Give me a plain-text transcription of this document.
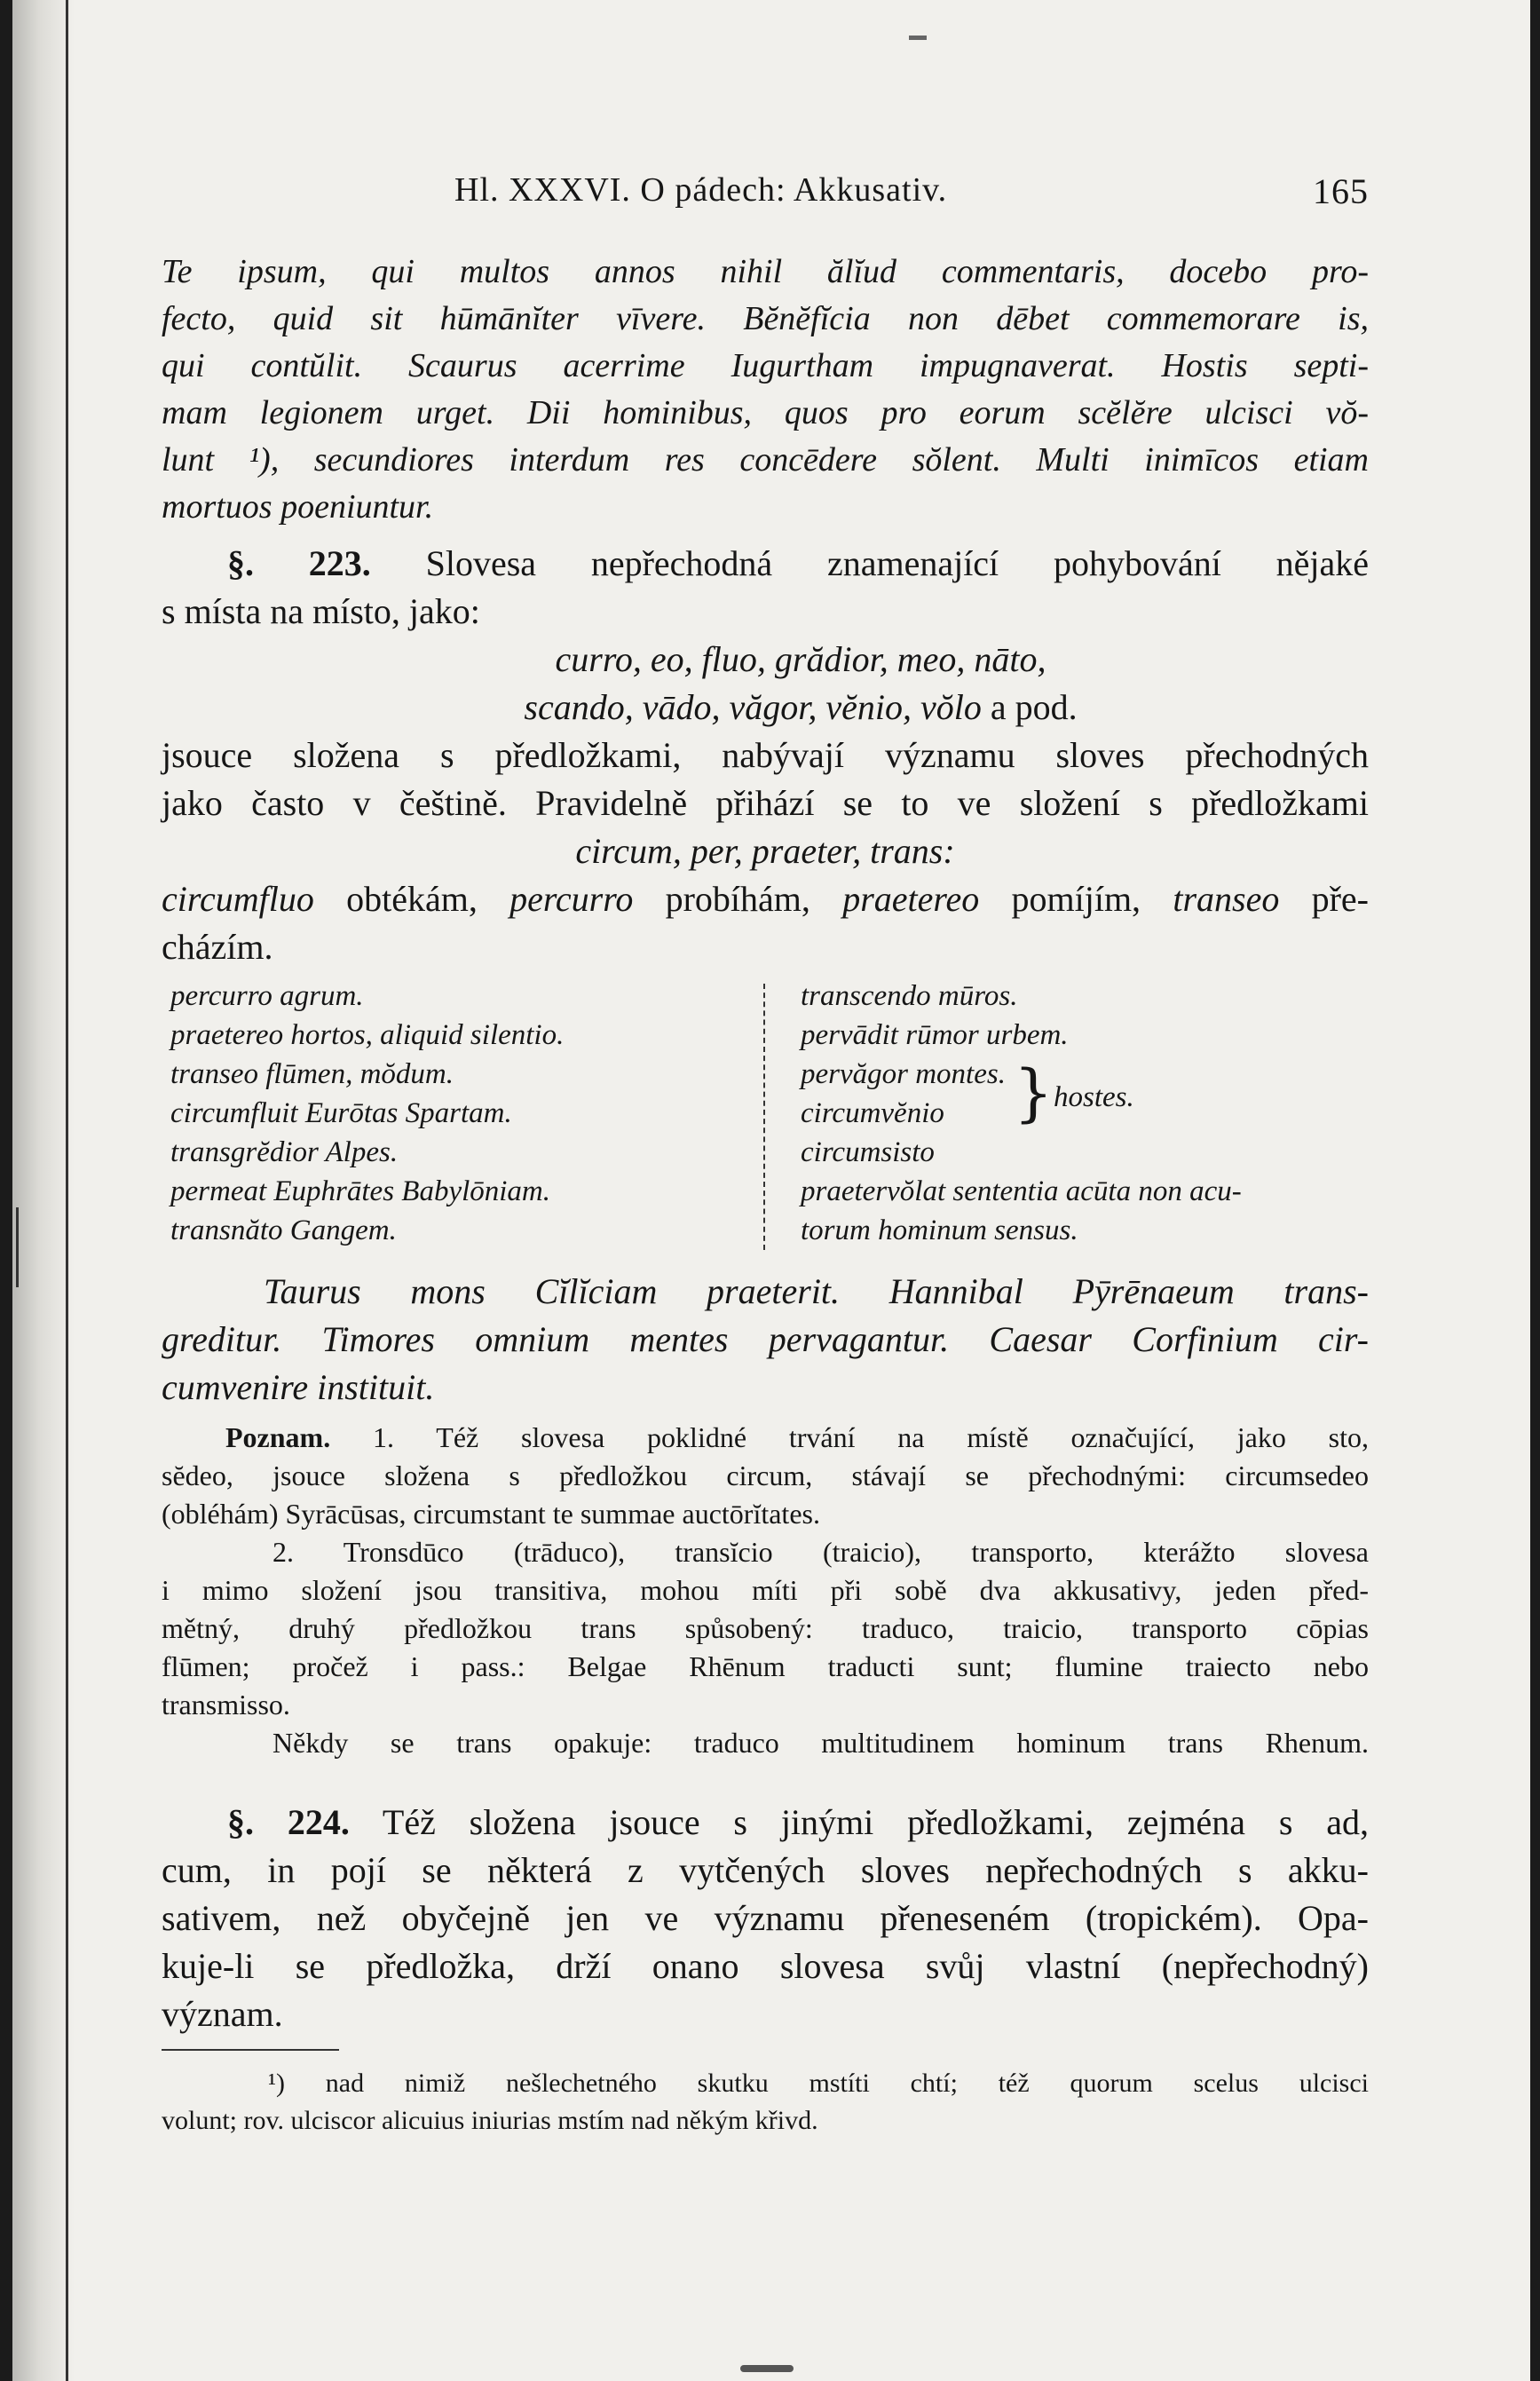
Hl. XXXVI. O pádech: Akkusativ.	165
Te ipsum, qui multos annos nihil ălĭud commentaris, docebo pro-
fecto, quid sit hūmānĭter vīvere. Bĕnĕfĭcia non dēbet commemorare is,
qui contŭlit. Scaurus acerrime Iugurtham impugnaverat. Hostis septi-
mam legionem urget. Dii hominibus, quos pro eorum scĕlĕre ulcisci vŏ-
lunt ¹), secundiores interdum res concēdere sŏlent. Multi inimīcos etiam
mortuos poeniuntur.
§. 223. Slovesa nepřechodná znamenající pohybování nějaké
s místa na místo, jako:
curro, eo, fluo, grădior, meo, nāto,
scando, vādo, văgor, vĕnio, vŏlo a pod.
jsouce složena s předložkami, nabývají významu sloves přechodných
jako často v češtině. Pravidelně přihází se to ve složení s předložkami
circum, per, praeter, trans:
circumfluo obtékám, percurro probíhám, praetereo pomíjím, transeo pře-
cházím.
percurro agrum.
praetereo hortos, aliquid silentio.
transeo flūmen, mŏdum.
circumfluit Eurōtas Spartam.
transgrĕdior Alpes.
permeat Euphrātes Babylōniam.
transnăto Gangem.
transcendo mūros.
pervādit rūmor urbem.
pervăgor montes.
circumvĕnio
circumsisto
praetervŏlat sententia acūta non acu-
torum hominum sensus.
} hostes.
Taurus mons Cĭlĭciam praeterit. Hannibal Pȳrēnaeum trans-
greditur. Timores omnium mentes pervagantur. Caesar Corfinium cir-
cumvenire instituit.
Poznam. 1. Též slovesa poklidné trvání na místě označující, jako sto,
sĕdeo, jsouce složena s předložkou circum, stávají se přechodnými: circumsedeo
(obléhám) Syrācūsas, circumstant te summae auctōrĭtates.
2. Tronsdūco (trāduco), transĭcio (traicio), transporto, kterážto slovesa
i mimo složení jsou transitiva, mohou míti při sobě dva akkusativy, jeden před-
mětný, druhý předložkou trans spůsobený: traduco, traicio, transporto cōpias
flūmen; pročež i pass.: Belgae Rhēnum traducti sunt; flumine traiecto nebo
transmisso.
Někdy se trans opakuje: traduco multitudinem hominum trans Rhenum.
§. 224. Též složena jsouce s jinými předložkami, zejména s ad,
cum, in pojí se některá z vytčených sloves nepřechodných s akku-
sativem, než obyčejně jen ve významu přeneseném (tropickém). Opa-
kuje-li se předložka, drží onano slovesa svůj vlastní (nepřechodný)
význam.
¹) nad nimiž nešlechetného skutku mstíti chtí; též quorum scelus ulcisci
volunt; rov. ulciscor alicuius iniurias mstím nad někým křivd.
